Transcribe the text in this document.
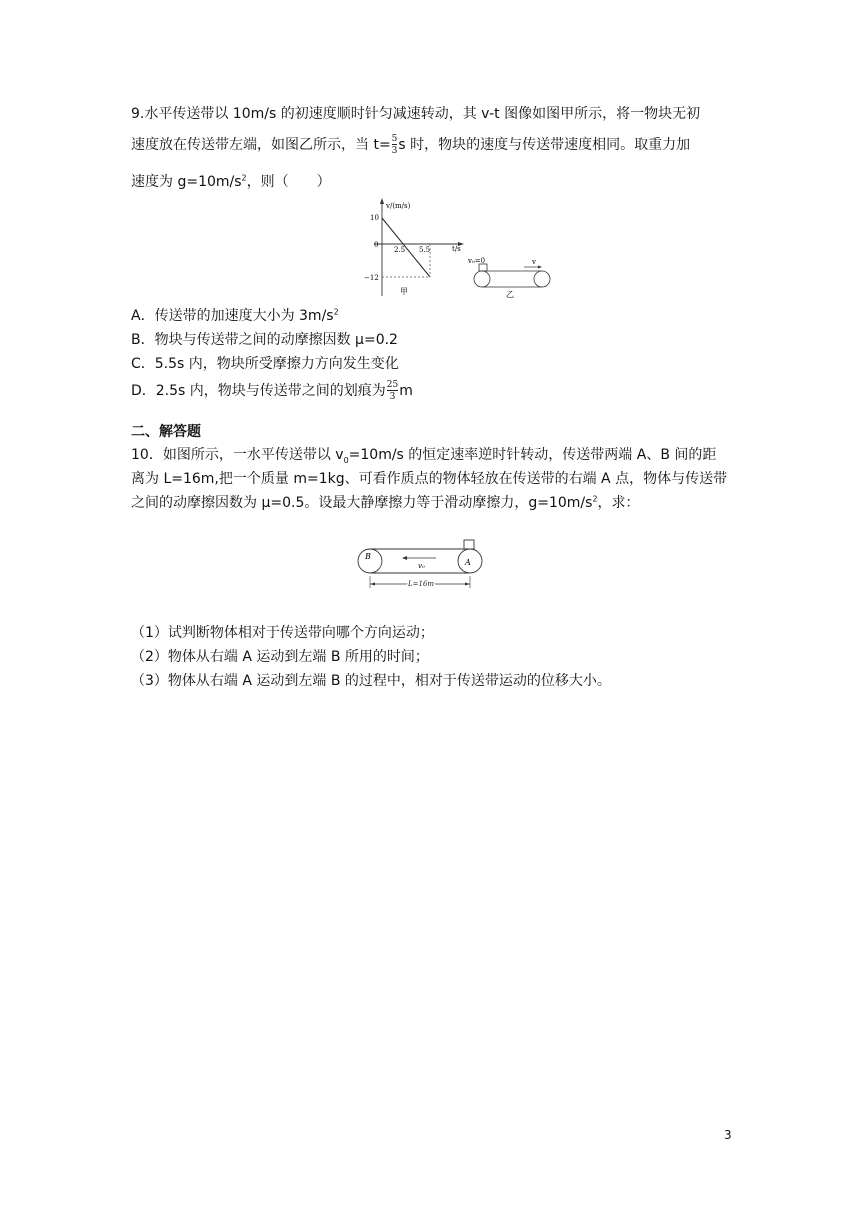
9.水平传送带以 10m/s 的初速度顺时针匀减速转动，其 v-t 图像如图甲所示，将一物块无初
速度放在传送带左端，如图乙所示，当 $t= \frac{5}{3}$ s 时，物块的速度与传送带速度相同。取重力加
速度为 $g=10m/s^2$，则（　　）
v/(m/s)
t/s
10
0
−12
2.5 5.5
甲
v₀=0	v
乙
A．传送带的加速度大小为 $3m/s^2$
B．物块与传送带之间的动摩擦因数 μ=0.2
C．5.5s 内，物块所受摩擦力方向发生变化
D．2.5s 内，物块与传送带之间的划痕为 $\frac{25}{3}$ m
二、解答题
10．如图所示，一水平传送带以 $v_0=10m/s$ 的恒定速率逆时针转动，传送带两端 A、B 间的距
离为 L=16m,把一个质量 m=1kg、可看作质点的物体轻放在传送带的右端 A 点，物体与传送带
之间的动摩擦因数为 μ=0.5。设最大静摩擦力等于滑动摩擦力，$g=10m/s^2$，求：
B
A
v₀
L=16m
（1）试判断物体相对于传送带向哪个方向运动；
（2）物体从右端 A 运动到左端 B 所用的时间；
（3）物体从右端 A 运动到左端 B 的过程中，相对于传送带运动的位移大小。
3
